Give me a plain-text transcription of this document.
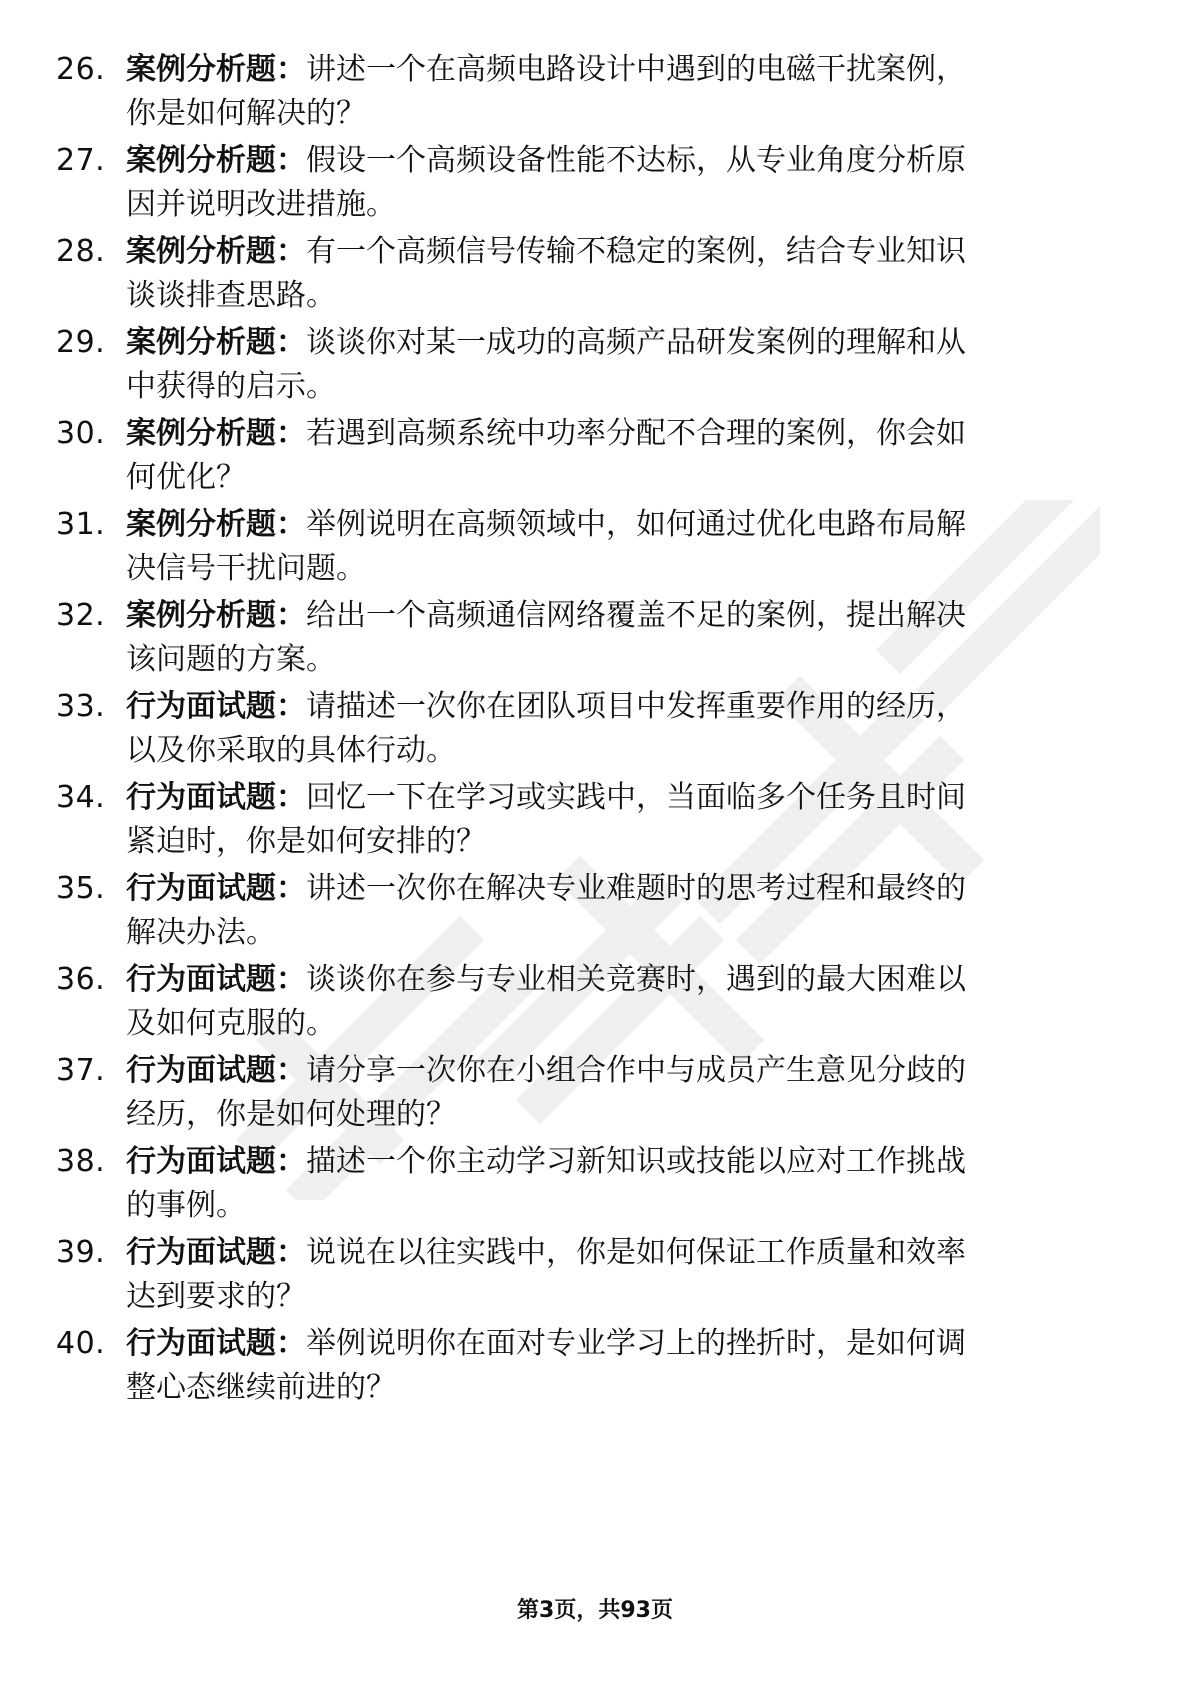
26. 案例分析题：讲述一个在高频电路设计中遇到的电磁干扰案例，
你是如何解决的？
27. 案例分析题：假设一个高频设备性能不达标，从专业角度分析原
因并说明改进措施。
28. 案例分析题：有一个高频信号传输不稳定的案例，结合专业知识
谈谈排查思路。
29. 案例分析题：谈谈你对某一成功的高频产品研发案例的理解和从
中获得的启示。
30. 案例分析题：若遇到高频系统中功率分配不合理的案例，你会如
何优化？
31. 案例分析题：举例说明在高频领域中，如何通过优化电路布局解
决信号干扰问题。
32. 案例分析题：给出一个高频通信网络覆盖不足的案例，提出解决
该问题的方案。
33. 行为面试题：请描述一次你在团队项目中发挥重要作用的经历，
以及你采取的具体行动。
34. 行为面试题：回忆一下在学习或实践中，当面临多个任务且时间
紧迫时，你是如何安排的？
35. 行为面试题：讲述一次你在解决专业难题时的思考过程和最终的
解决办法。
36. 行为面试题：谈谈你在参与专业相关竞赛时，遇到的最大困难以
及如何克服的。
37. 行为面试题：请分享一次你在小组合作中与成员产生意见分歧的
经历，你是如何处理的？
38. 行为面试题：描述一个你主动学习新知识或技能以应对工作挑战
的事例。
39. 行为面试题：说说在以往实践中，你是如何保证工作质量和效率
达到要求的？
40. 行为面试题：举例说明你在面对专业学习上的挫折时，是如何调
整心态继续前进的？
第3页，共93页
